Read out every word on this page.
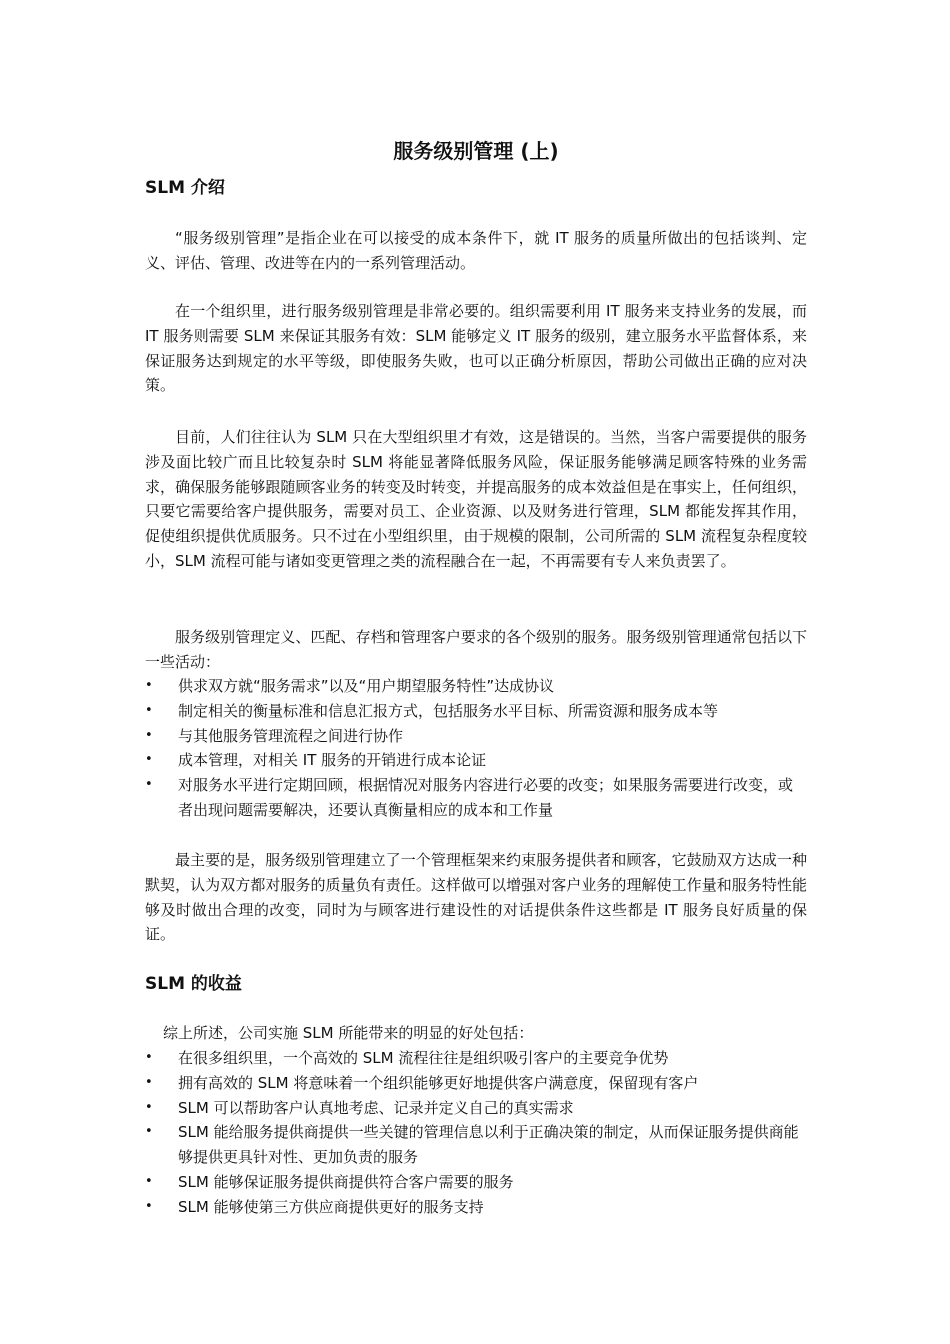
服务级别管理 (上)
SLM 介绍

“服务级别管理”是指企业在可以接受的成本条件下，就 IT 服务的质量所做出的包括谈判、定义、评估、管理、改进等在内的一系列管理活动。

在一个组织里，进行服务级别管理是非常必要的。组织需要利用 IT 服务来支持业务的发展，而 IT 服务则需要 SLM 来保证其服务有效：SLM 能够定义 IT 服务的级别，建立服务水平监督体系，来保证服务达到规定的水平等级，即使服务失败，也可以正确分析原因，帮助公司做出正确的应对决策。

目前，人们往往认为 SLM 只在大型组织里才有效，这是错误的。当然，当客户需要提供的服务涉及面比较广而且比较复杂时 SLM 将能显著降低服务风险，保证服务能够满足顾客特殊的业务需求，确保服务能够跟随顾客业务的转变及时转变，并提高服务的成本效益但是在事实上，任何组织，只要它需要给客户提供服务，需要对员工、企业资源、以及财务进行管理，SLM 都能发挥其作用，促使组织提供优质服务。只不过在小型组织里，由于规模的限制，公司所需的 SLM 流程复杂程度较小，SLM 流程可能与诸如变更管理之类的流程融合在一起，不再需要有专人来负责罢了。

服务级别管理定义、匹配、存档和管理客户要求的各个级别的服务。服务级别管理通常包括以下一些活动：

• 供求双方就“服务需求”以及“用户期望服务特性”达成协议
• 制定相关的衡量标准和信息汇报方式，包括服务水平目标、所需资源和服务成本等
• 与其他服务管理流程之间进行协作
• 成本管理，对相关 IT 服务的开销进行成本论证
• 对服务水平进行定期回顾，根据情况对服务内容进行必要的改变；如果服务需要进行改变，或者出现问题需要解决，还要认真衡量相应的成本和工作量

最主要的是，服务级别管理建立了一个管理框架来约束服务提供者和顾客，它鼓励双方达成一种默契，认为双方都对服务的质量负有责任。这样做可以增强对客户业务的理解使工作量和服务特性能够及时做出合理的改变，同时为与顾客进行建设性的对话提供条件这些都是 IT 服务良好质量的保证。

SLM 的收益

综上所述，公司实施 SLM 所能带来的明显的好处包括：

• 在很多组织里，一个高效的 SLM 流程往往是组织吸引客户的主要竞争优势
• 拥有高效的 SLM 将意味着一个组织能够更好地提供客户满意度，保留现有客户
• SLM 可以帮助客户认真地考虑、记录并定义自己的真实需求
• SLM 能给服务提供商提供一些关键的管理信息以利于正确决策的制定，从而保证服务提供商能够提供更具针对性、更加负责的服务
• SLM 能够保证服务提供商提供符合客户需要的服务
• SLM 能够使第三方供应商提供更好的服务支持
